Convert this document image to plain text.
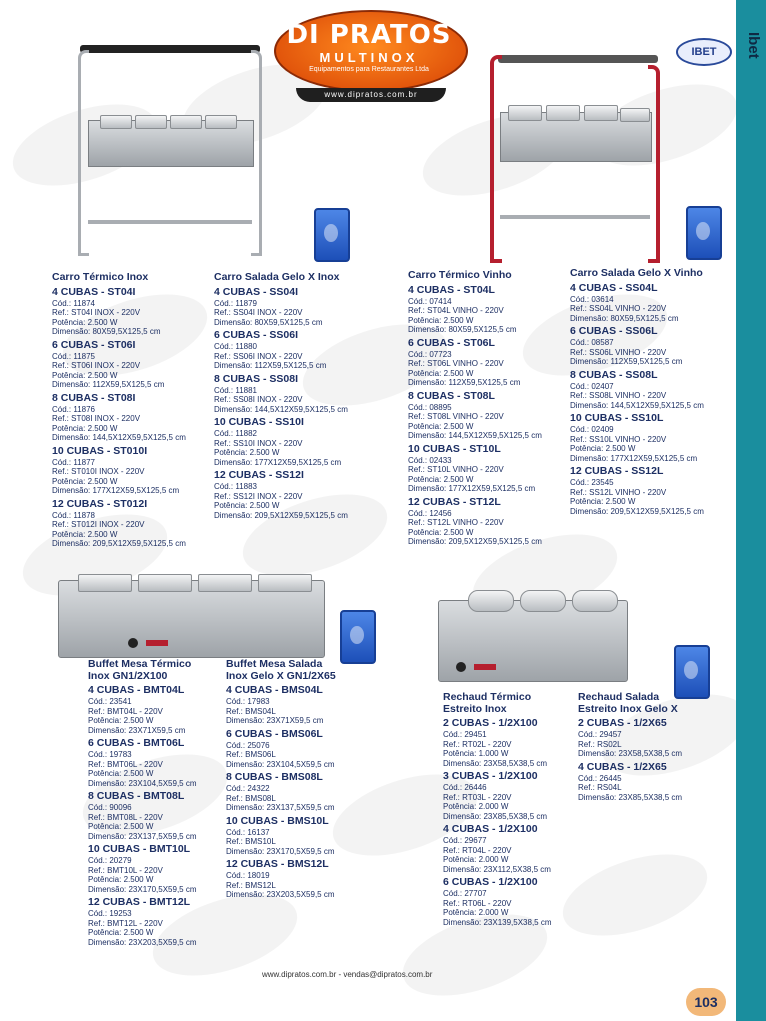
Ibet
DI PRATOS
MULTINOX
Equipamentos para Restaurantes Ltda
www.dipratos.com.br
IBET
Carro Térmico Inox
4 CUBAS - ST04I
Cód.: 11874
Ref.: ST04I INOX - 220V
Potência: 2.500 W
Dimensão: 80X59,5X125,5 cm
6 CUBAS - ST06I
Cód.: 11875
Ref.: ST06I INOX - 220V
Potência: 2.500 W
Dimensão: 112X59,5X125,5 cm
8 CUBAS - ST08I
Cód.: 11876
Ref.: ST08I INOX - 220V
Potência: 2.500 W
Dimensão: 144,5X12X59,5X125,5 cm
10 CUBAS - ST010I
Cód.: 11877
Ref.: ST010I INOX - 220V
Potência: 2.500 W
Dimensão: 177X12X59,5X125,5 cm
12 CUBAS - ST012I
Cód.: 11878
Ref.: ST012I INOX - 220V
Potência: 2.500 W
Dimensão: 209,5X12X59,5X125,5 cm
Carro Salada Gelo X Inox
4 CUBAS - SS04I
Cód.: 11879
Ref.: SS04I INOX - 220V
Dimensão: 80X59,5X125,5 cm
6 CUBAS - SS06I
Cód.: 11880
Ref.: SS06I INOX - 220V
Dimensão: 112X59,5X125,5 cm
8 CUBAS - SS08I
Cód.: 11881
Ref.: SS08I INOX - 220V
Dimensão: 144,5X12X59,5X125,5 cm
10 CUBAS - SS10I
Cód.: 11882
Ref.: SS10I INOX - 220V
Potência: 2.500 W
Dimensão: 177X12X59,5X125,5 cm
12 CUBAS - SS12I
Cód.: 11883
Ref.: SS12I INOX - 220V
Potência: 2.500 W
Dimensão: 209,5X12X59,5X125,5 cm
Carro Térmico Vinho
4 CUBAS - ST04L
Cód.: 07414
Ref.: ST04L VINHO - 220V
Potência: 2.500 W
Dimensão: 80X59,5X125,5 cm
6 CUBAS - ST06L
Cód.: 07723
Ref.: ST06L VINHO - 220V
Potência: 2.500 W
Dimensão: 112X59,5X125,5 cm
8 CUBAS - ST08L
Cód.: 08895
Ref.: ST08L VINHO - 220V
Potência: 2.500 W
Dimensão: 144,5X12X59,5X125,5 cm
10 CUBAS - ST10L
Cód.: 02433
Ref.: ST10L VINHO - 220V
Potência: 2.500 W
Dimensão: 177X12X59,5X125,5 cm
12 CUBAS - ST12L
Cód.: 12456
Ref.: ST12L VINHO - 220V
Potência: 2.500 W
Dimensão: 209,5X12X59,5X125,5 cm
Carro Salada Gelo X Vinho
4 CUBAS - SS04L
Cód.: 03614
Ref.: SS04L VINHO - 220V
Dimensão: 80X59,5X125,5 cm
6 CUBAS - SS06L
Cód.: 08587
Ref.: SS06L VINHO - 220V
Dimensão: 112X59,5X125,5 cm
8 CUBAS - SS08L
Cód.: 02407
Ref.: SS08L VINHO - 220V
Dimensão: 144,5X12X59,5X125,5 cm
10 CUBAS - SS10L
Cód.: 02409
Ref.: SS10L VINHO - 220V
Potência: 2.500 W
Dimensão: 177X12X59,5X125,5 cm
12 CUBAS - SS12L
Cód.: 23545
Ref.: SS12L VINHO - 220V
Potência: 2.500 W
Dimensão: 209,5X12X59,5X125,5 cm
Buffet Mesa Térmico
Inox GN1/2X100
4 CUBAS - BMT04L
Cód.: 23541
Ref.: BMT04L - 220V
Potência: 2.500 W
Dimensão: 23X71X59,5 cm
6 CUBAS - BMT06L
Cód.: 19783
Ref.: BMT06L - 220V
Potência: 2.500 W
Dimensão: 23X104,5X59,5 cm
8 CUBAS - BMT08L
Cód.: 90096
Ref.: BMT08L - 220V
Potência: 2.500 W
Dimensão: 23X137,5X59,5 cm
10 CUBAS - BMT10L
Cód.: 20279
Ref.: BMT10L - 220V
Potência: 2.500 W
Dimensão: 23X170,5X59,5 cm
12 CUBAS - BMT12L
Cód.: 19253
Ref.: BMT12L - 220V
Potência: 2.500 W
Dimensão: 23X203,5X59,5 cm
Buffet Mesa Salada
Inox Gelo X GN1/2X65
4 CUBAS - BMS04L
Cód.: 17983
Ref.: BMS04L
Dimensão: 23X71X59,5 cm
6 CUBAS - BMS06L
Cód.: 25076
Ref.: BMS06L
Dimensão: 23X104,5X59,5 cm
8 CUBAS - BMS08L
Cód.: 24322
Ref.: BMS08L
Dimensão: 23X137,5X59,5 cm
10 CUBAS - BMS10L
Cód.: 16137
Ref.: BMS10L
Dimensão: 23X170,5X59,5 cm
12 CUBAS - BMS12L
Cód.: 18019
Ref.: BMS12L
Dimensão: 23X203,5X59,5 cm
Rechaud Térmico
Estreito Inox
2 CUBAS - 1/2X100
Cód.: 29451
Ref.: RT02L - 220V
Potência: 1.000 W
Dimensão: 23X58,5X38,5 cm
3 CUBAS - 1/2X100
Cód.: 26446
Ref.: RT03L - 220V
Potência: 2.000 W
Dimensão: 23X85,5X38,5 cm
4 CUBAS - 1/2X100
Cód.: 29677
Ref.: RT04L - 220V
Potência: 2.000 W
Dimensão: 23X112,5X38,5 cm
6 CUBAS - 1/2X100
Cód.: 27707
Ref.: RT06L - 220V
Potência: 2.000 W
Dimensão: 23X139,5X38,5 cm
Rechaud Salada
Estreito Inox Gelo X
2 CUBAS - 1/2X65
Cód.: 29457
Ref.: RS02L
Dimensão: 23X58,5X38,5 cm
4 CUBAS - 1/2X65
Cód.: 26445
Ref.: RS04L
Dimensão: 23X85,5X38,5 cm
www.dipratos.com.br - vendas@dipratos.com.br
103
